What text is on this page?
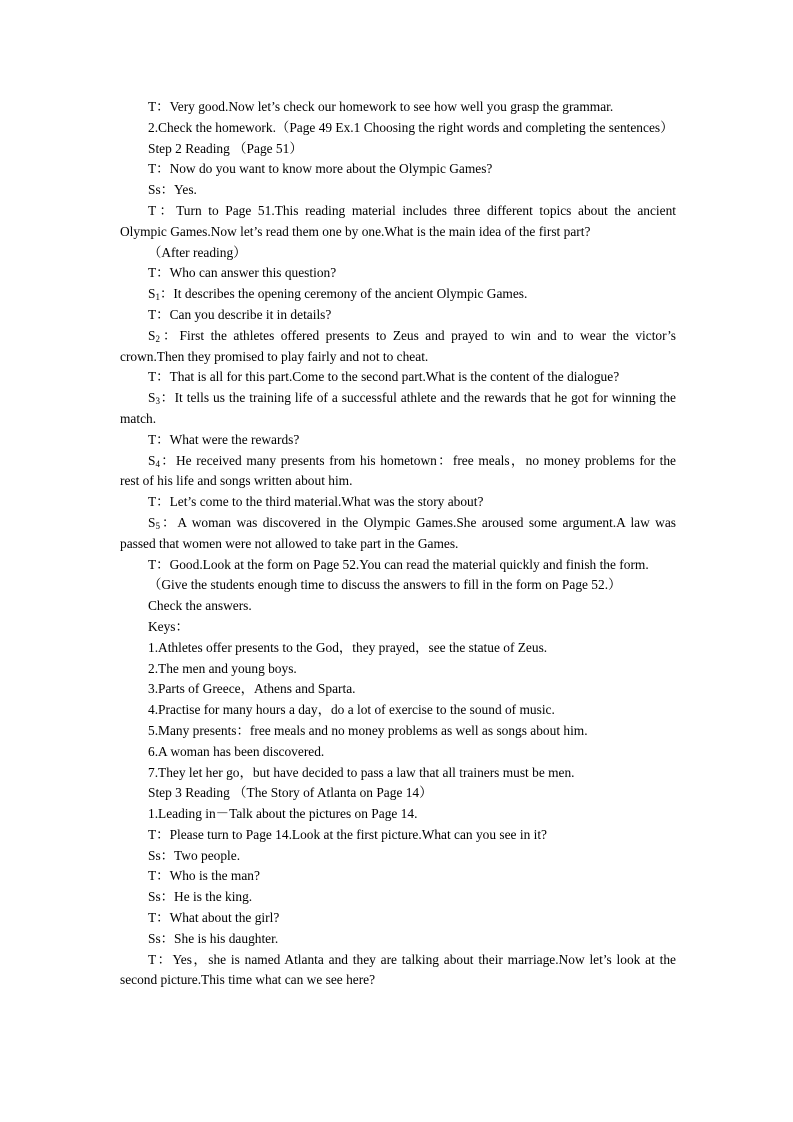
T：Very good.Now let’s check our homework to see how well you grasp the grammar.

2.Check the homework.（Page 49 Ex.1 Choosing the right words and completing the sentences）

Step 2 Reading （Page 51）

T：Now do you want to know more about the Olympic Games?

Ss：Yes.

T：Turn to Page 51.This reading material includes three different topics about the ancient Olympic Games.Now let’s read them one by one.What is the main idea of the first part?

（After reading）

T：Who can answer this question?

$S_1$：It describes the opening ceremony of the ancient Olympic Games.

T：Can you describe it in details?

$S_2$：First the athletes offered presents to Zeus and prayed to win and to wear the victor’s crown.Then they promised to play fairly and not to cheat.

T：That is all for this part.Come to the second part.What is the content of the dialogue?

$S_3$：It tells us the training life of a successful athlete and the rewards that he got for winning the match.

T：What were the rewards?

$S_4$：He received many presents from his hometown：free meals，no money problems for the rest of his life and songs written about him.

T：Let’s come to the third material.What was the story about?

$S_5$：A woman was discovered in the Olympic Games.She aroused some argument.A law was passed that women were not allowed to take part in the Games.

T：Good.Look at the form on Page 52.You can read the material quickly and finish the form.

（Give the students enough time to discuss the answers to fill in the form on Page 52.）

Check the answers.

Keys：

1.Athletes offer presents to the God，they prayed，see the statue of Zeus.

2.The men and young boys.

3.Parts of Greece，Athens and Sparta.

4.Practise for many hours a day，do a lot of exercise to the sound of music.

5.Many presents：free meals and no money problems as well as songs about him.

6.A woman has been discovered.

7.They let her go，but have decided to pass a law that all trainers must be men.

Step 3 Reading （The Story of Atlanta on Page 14）

1.Leading in－Talk about the pictures on Page 14.

T：Please turn to Page 14.Look at the first picture.What can you see in it?

Ss：Two people.

T：Who is the man?

Ss：He is the king.

T：What about the girl?

Ss：She is his daughter.

T：Yes，she is named Atlanta and they are talking about their marriage.Now let’s look at the second picture.This time what can we see here?
